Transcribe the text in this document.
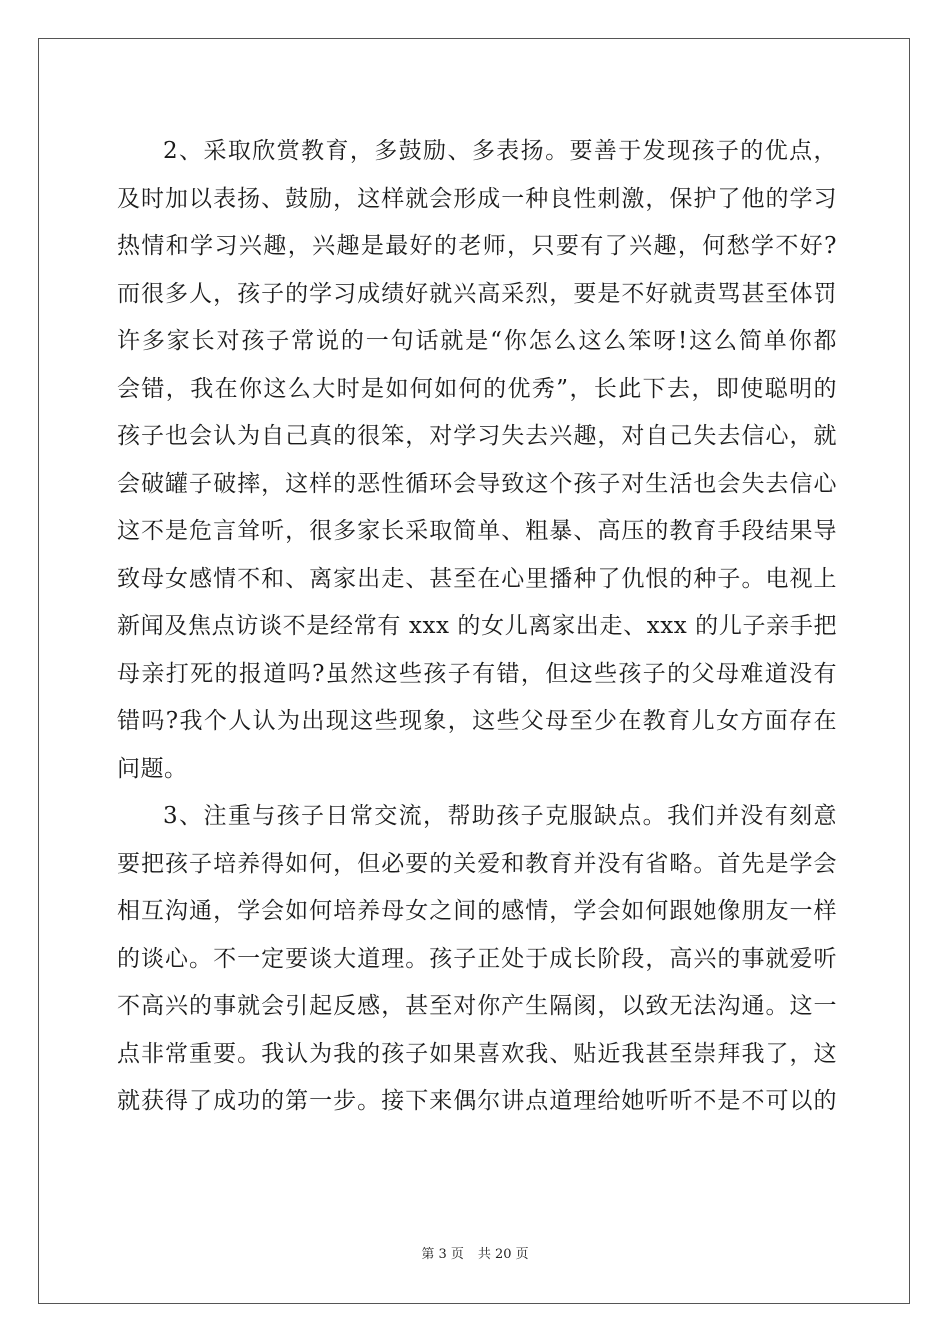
2、采取欣赏教育，多鼓励、多表扬。要善于发现孩子的优点，
及时加以表扬、鼓励，这样就会形成一种良性刺激，保护了他的学习
热情和学习兴趣，兴趣是最好的老师，只要有了兴趣，何愁学不好?
而很多人，孩子的学习成绩好就兴高采烈，要是不好就责骂甚至体罚
许多家长对孩子常说的一句话就是“你怎么这么笨呀!这么简单你都
会错，我在你这么大时是如何如何的优秀”，长此下去，即使聪明的
孩子也会认为自己真的很笨，对学习失去兴趣，对自己失去信心，就
会破罐子破摔，这样的恶性循环会导致这个孩子对生活也会失去信心
这不是危言耸听，很多家长采取简单、粗暴、高压的教育手段结果导
致母女感情不和、离家出走、甚至在心里播种了仇恨的种子。电视上
新闻及焦点访谈不是经常有 xxx 的女儿离家出走、xxx 的儿子亲手把
母亲打死的报道吗?虽然这些孩子有错，但这些孩子的父母难道没有
错吗?我个人认为出现这些现象，这些父母至少在教育儿女方面存在
问题。
3、注重与孩子日常交流，帮助孩子克服缺点。我们并没有刻意
要把孩子培养得如何，但必要的关爱和教育并没有省略。首先是学会
相互沟通，学会如何培养母女之间的感情，学会如何跟她像朋友一样
的谈心。不一定要谈大道理。孩子正处于成长阶段，高兴的事就爱听
不高兴的事就会引起反感，甚至对你产生隔阂，以致无法沟通。这一
点非常重要。我认为我的孩子如果喜欢我、贴近我甚至崇拜我了，这
就获得了成功的第一步。接下来偶尔讲点道理给她听听不是不可以的
第 3 页 共 20 页
